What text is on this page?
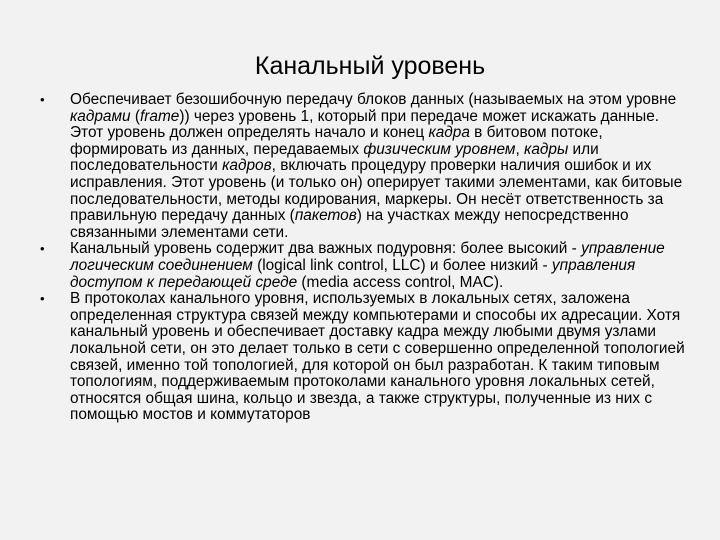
Канальный уровень
•	Обеспечивает безошибочную передачу блоков данных (называемых на этом уровне кадрами (frame)) через уровень 1, который при передаче может искажать данные. Этот уровень должен определять начало и конец кадра в битовом потоке, формировать из данных, передаваемых физическим уровнем, кадры или последовательности кадров, включать процедуру проверки наличия ошибок и их исправления. Этот уровень (и только он) оперирует такими элементами, как битовые последовательности, методы кодирования, маркеры. Он несёт ответственность за правильную передачу данных (пакетов) на участках между непосредственно связанными элементами сети.
•	Канальный уровень содержит два важных подуровня: более высокий - управление логическим соединением (logical link control, LLC) и более низкий - управления доступом к передающей среде (media access control, MAC).
•	В протоколах канального уровня, используемых в локальных сетях, заложена определенная структура связей между компьютерами и способы их адресации. Хотя канальный уровень и обеспечивает доставку кадра между любыми двумя узлами локальной сети, он это делает только в сети с совершенно определенной топологией связей, именно той топологией, для которой он был разработан. К таким типовым топологиям, поддерживаемым протоколами канального уровня локальных сетей, относятся общая шина, кольцо и звезда, а также структуры, полученные из них с помощью мостов и коммутаторов
